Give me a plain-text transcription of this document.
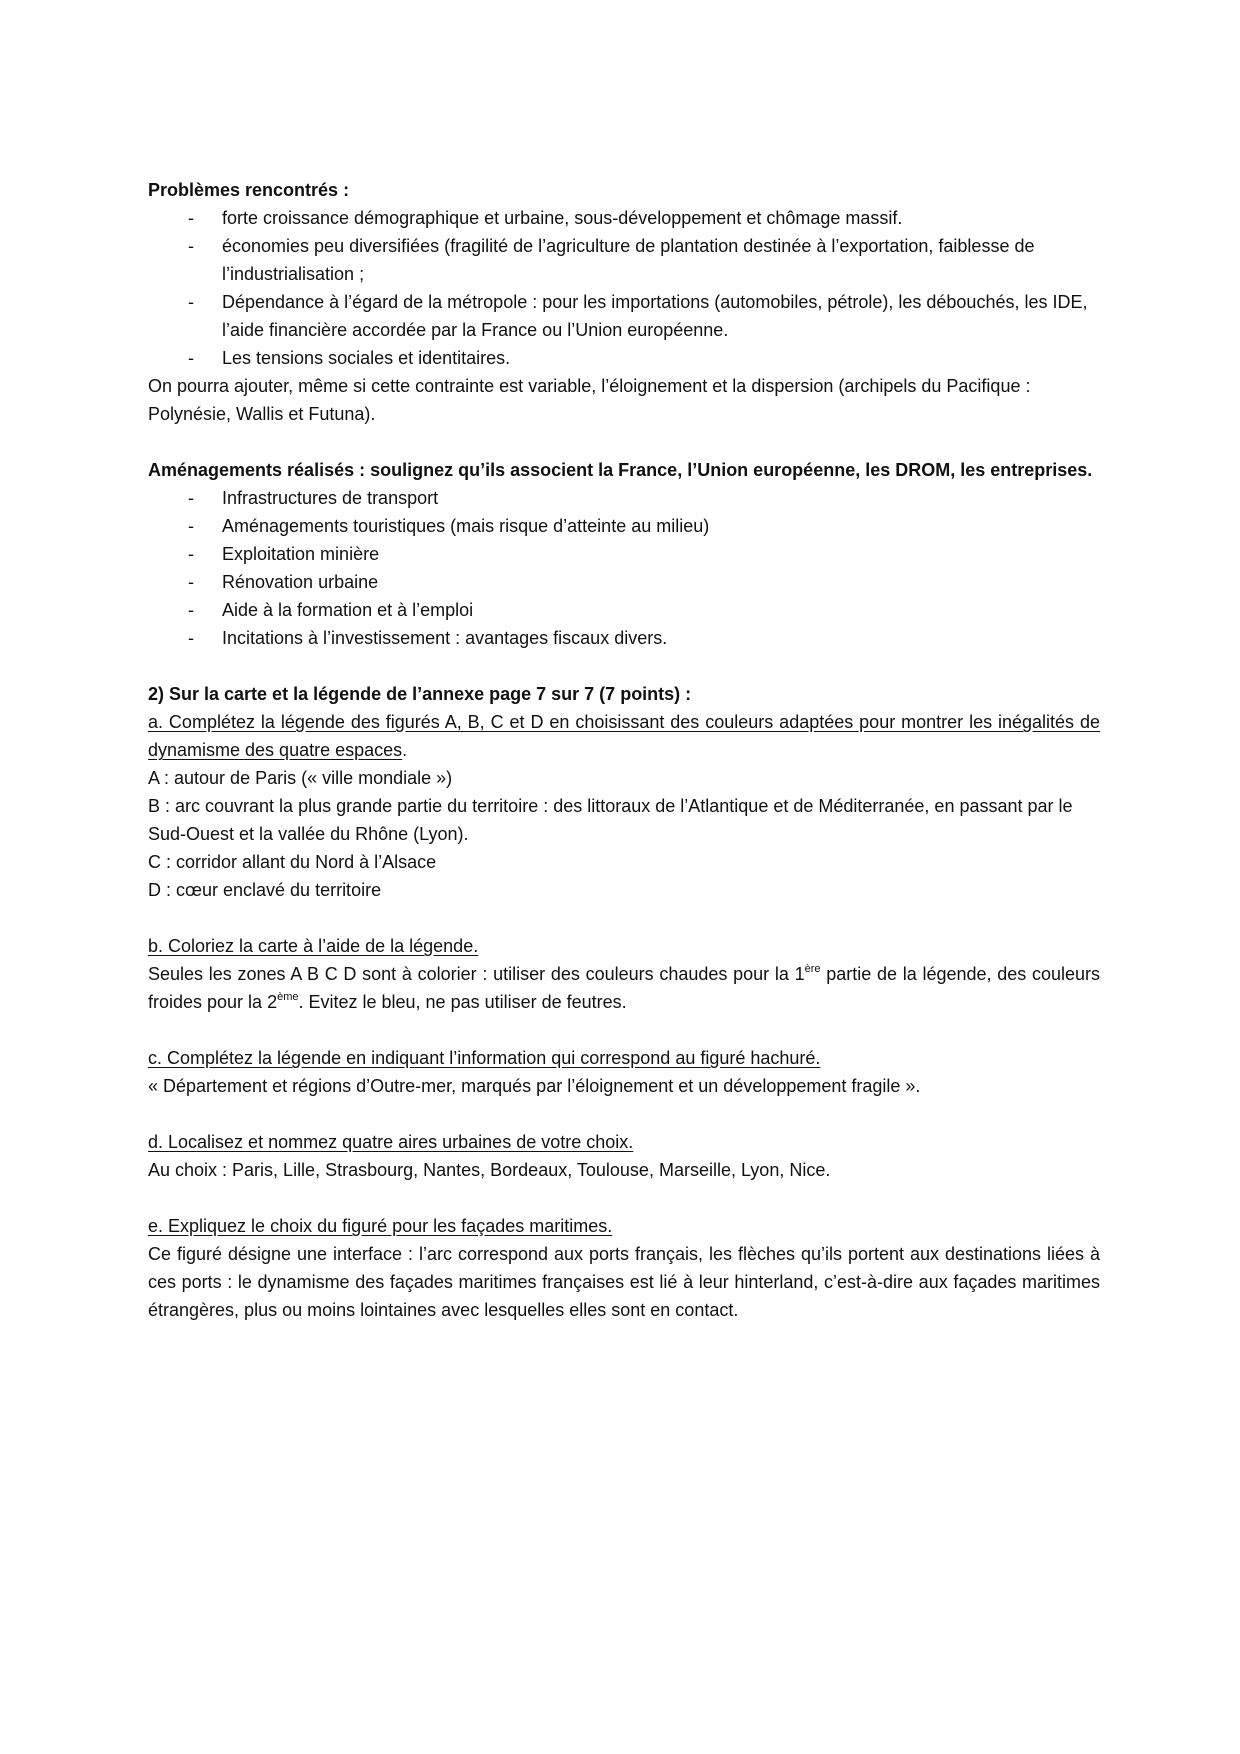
Problèmes rencontrés :

- forte croissance démographique et urbaine, sous-développement et chômage massif.
- économies peu diversifiées (fragilité de l’agriculture de plantation destinée à l’exportation, faiblesse de l’industrialisation ;
- Dépendance à l’égard de la métropole : pour les importations (automobiles, pétrole), les débouchés, les IDE, l’aide financière accordée par la France ou l’Union européenne.
- Les tensions sociales et identitaires.

On pourra ajouter, même si cette contrainte est variable, l’éloignement et la dispersion (archipels du Pacifique : Polynésie, Wallis et Futuna).

Aménagements réalisés : soulignez qu’ils associent la France, l’Union européenne, les DROM, les entreprises.

- Infrastructures de transport
- Aménagements touristiques (mais risque d’atteinte au milieu)
- Exploitation minière
- Rénovation urbaine
- Aide à la formation et à l’emploi
- Incitations à l’investissement : avantages fiscaux divers.

2) Sur la carte et la légende de l’annexe page 7 sur 7 (7 points) :

a. Complétez la légende des figurés A, B, C et D en choisissant des couleurs adaptées pour montrer les inégalités de dynamisme des quatre espaces.

A : autour de Paris (« ville mondiale »)

B : arc couvrant la plus grande partie du territoire : des littoraux de l’Atlantique et de Méditerranée, en passant par le Sud-Ouest et la vallée du Rhône (Lyon).

C : corridor allant du Nord à l’Alsace

D : cœur enclavé du territoire

b. Coloriez la carte à l’aide de la légende.

Seules les zones A B C D sont à colorier : utiliser des couleurs chaudes pour la 1ère partie de la légende, des couleurs froides pour la 2ème. Evitez le bleu, ne pas utiliser de feutres.

c. Complétez la légende en indiquant l’information qui correspond au figuré hachuré.

« Département et régions d’Outre-mer, marqués par l’éloignement et un développement fragile ».

d. Localisez et nommez quatre aires urbaines de votre choix.

Au choix : Paris, Lille, Strasbourg, Nantes, Bordeaux, Toulouse, Marseille, Lyon, Nice.

e. Expliquez le choix du figuré pour les façades maritimes.

Ce figuré désigne une interface : l’arc correspond aux ports français, les flèches qu’ils portent aux destinations liées à ces ports : le dynamisme des façades maritimes françaises est lié à leur hinterland, c’est-à-dire aux façades maritimes étrangères, plus ou moins lointaines avec lesquelles elles sont en contact.
